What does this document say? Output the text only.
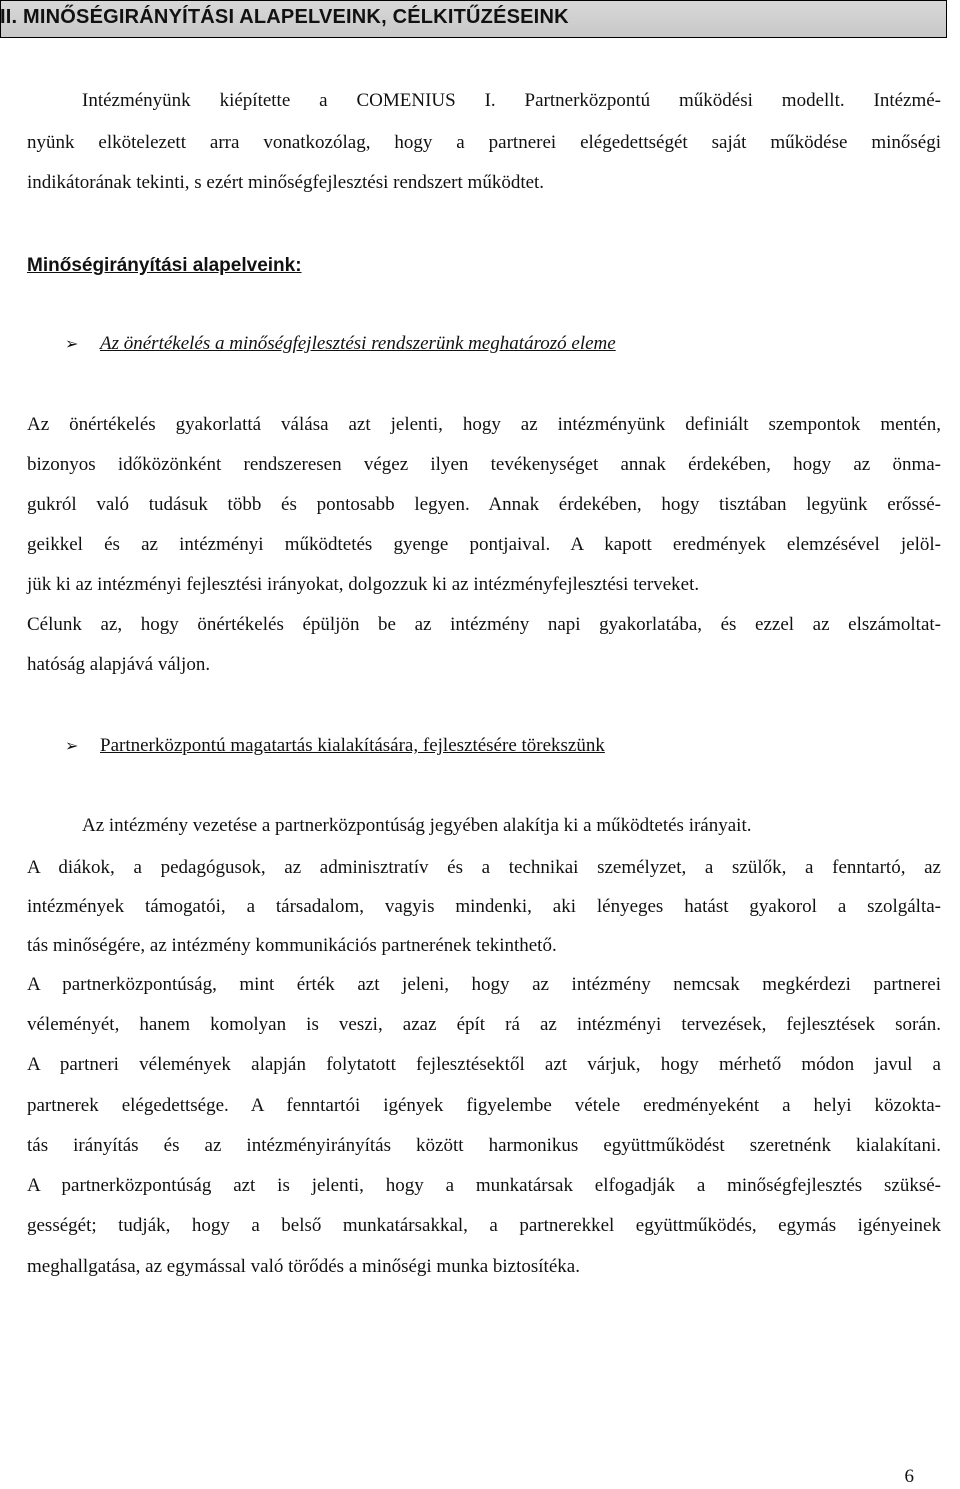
II. MINŐSÉGIRÁNYÍTÁSI ALAPELVEINK, CÉLKITŰZÉSEINK
Intézményünk kiépítette a COMENIUS I. Partnerközpontú működési modellt. Intézmé-
nyünk elkötelezett arra vonatkozólag, hogy a partnerei elégedettségét saját működése minőségi
indikátorának tekinti, s ezért minőségfejlesztési rendszert működtet.
Minőségirányítási alapelveink:
➢ Az önértékelés a minőségfejlesztési rendszerünk meghatározó eleme
Az önértékelés gyakorlattá válása azt jelenti, hogy az intézményünk definiált szempontok mentén,
bizonyos időközönként rendszeresen végez ilyen tevékenységet annak érdekében, hogy az önma-
gukról való tudásuk több és pontosabb legyen. Annak érdekében, hogy tisztában legyünk erőssé-
geikkel és az intézményi működtetés gyenge pontjaival. A kapott eredmények elemzésével jelöl-
jük ki az intézményi fejlesztési irányokat, dolgozzuk ki az intézményfejlesztési terveket.
Célunk az, hogy önértékelés épüljön be az intézmény napi gyakorlatába, és ezzel az elszámoltat-
hatóság alapjává váljon.
➢ Partnerközpontú magatartás kialakítására, fejlesztésére törekszünk
Az intézmény vezetése a partnerközpontúság jegyében alakítja ki a működtetés irányait.
A diákok, a pedagógusok, az adminisztratív és a technikai személyzet, a szülők, a fenntartó, az
intézmények támogatói, a társadalom, vagyis mindenki, aki lényeges hatást gyakorol a szolgálta-
tás minőségére, az intézmény kommunikációs partnerének tekinthető.
A partnerközpontúság, mint érték azt jeleni, hogy az intézmény nemcsak megkérdezi partnerei
véleményét, hanem komolyan is veszi, azaz épít rá az intézményi tervezések, fejlesztések során.
A partneri vélemények alapján folytatott fejlesztésektől azt várjuk, hogy mérhető módon javul a
partnerek elégedettsége. A fenntartói igények figyelembe vétele eredményeként a helyi közokta-
tás irányítás és az intézményirányítás között harmonikus együttműködést szeretnénk kialakítani.
A partnerközpontúság azt is jelenti, hogy a munkatársak elfogadják a minőségfejlesztés szüksé-
gességét; tudják, hogy a belső munkatársakkal, a partnerekkel együttműködés, egymás igényeinek
meghallgatása, az egymással való törődés a minőségi munka biztosítéka.
6
